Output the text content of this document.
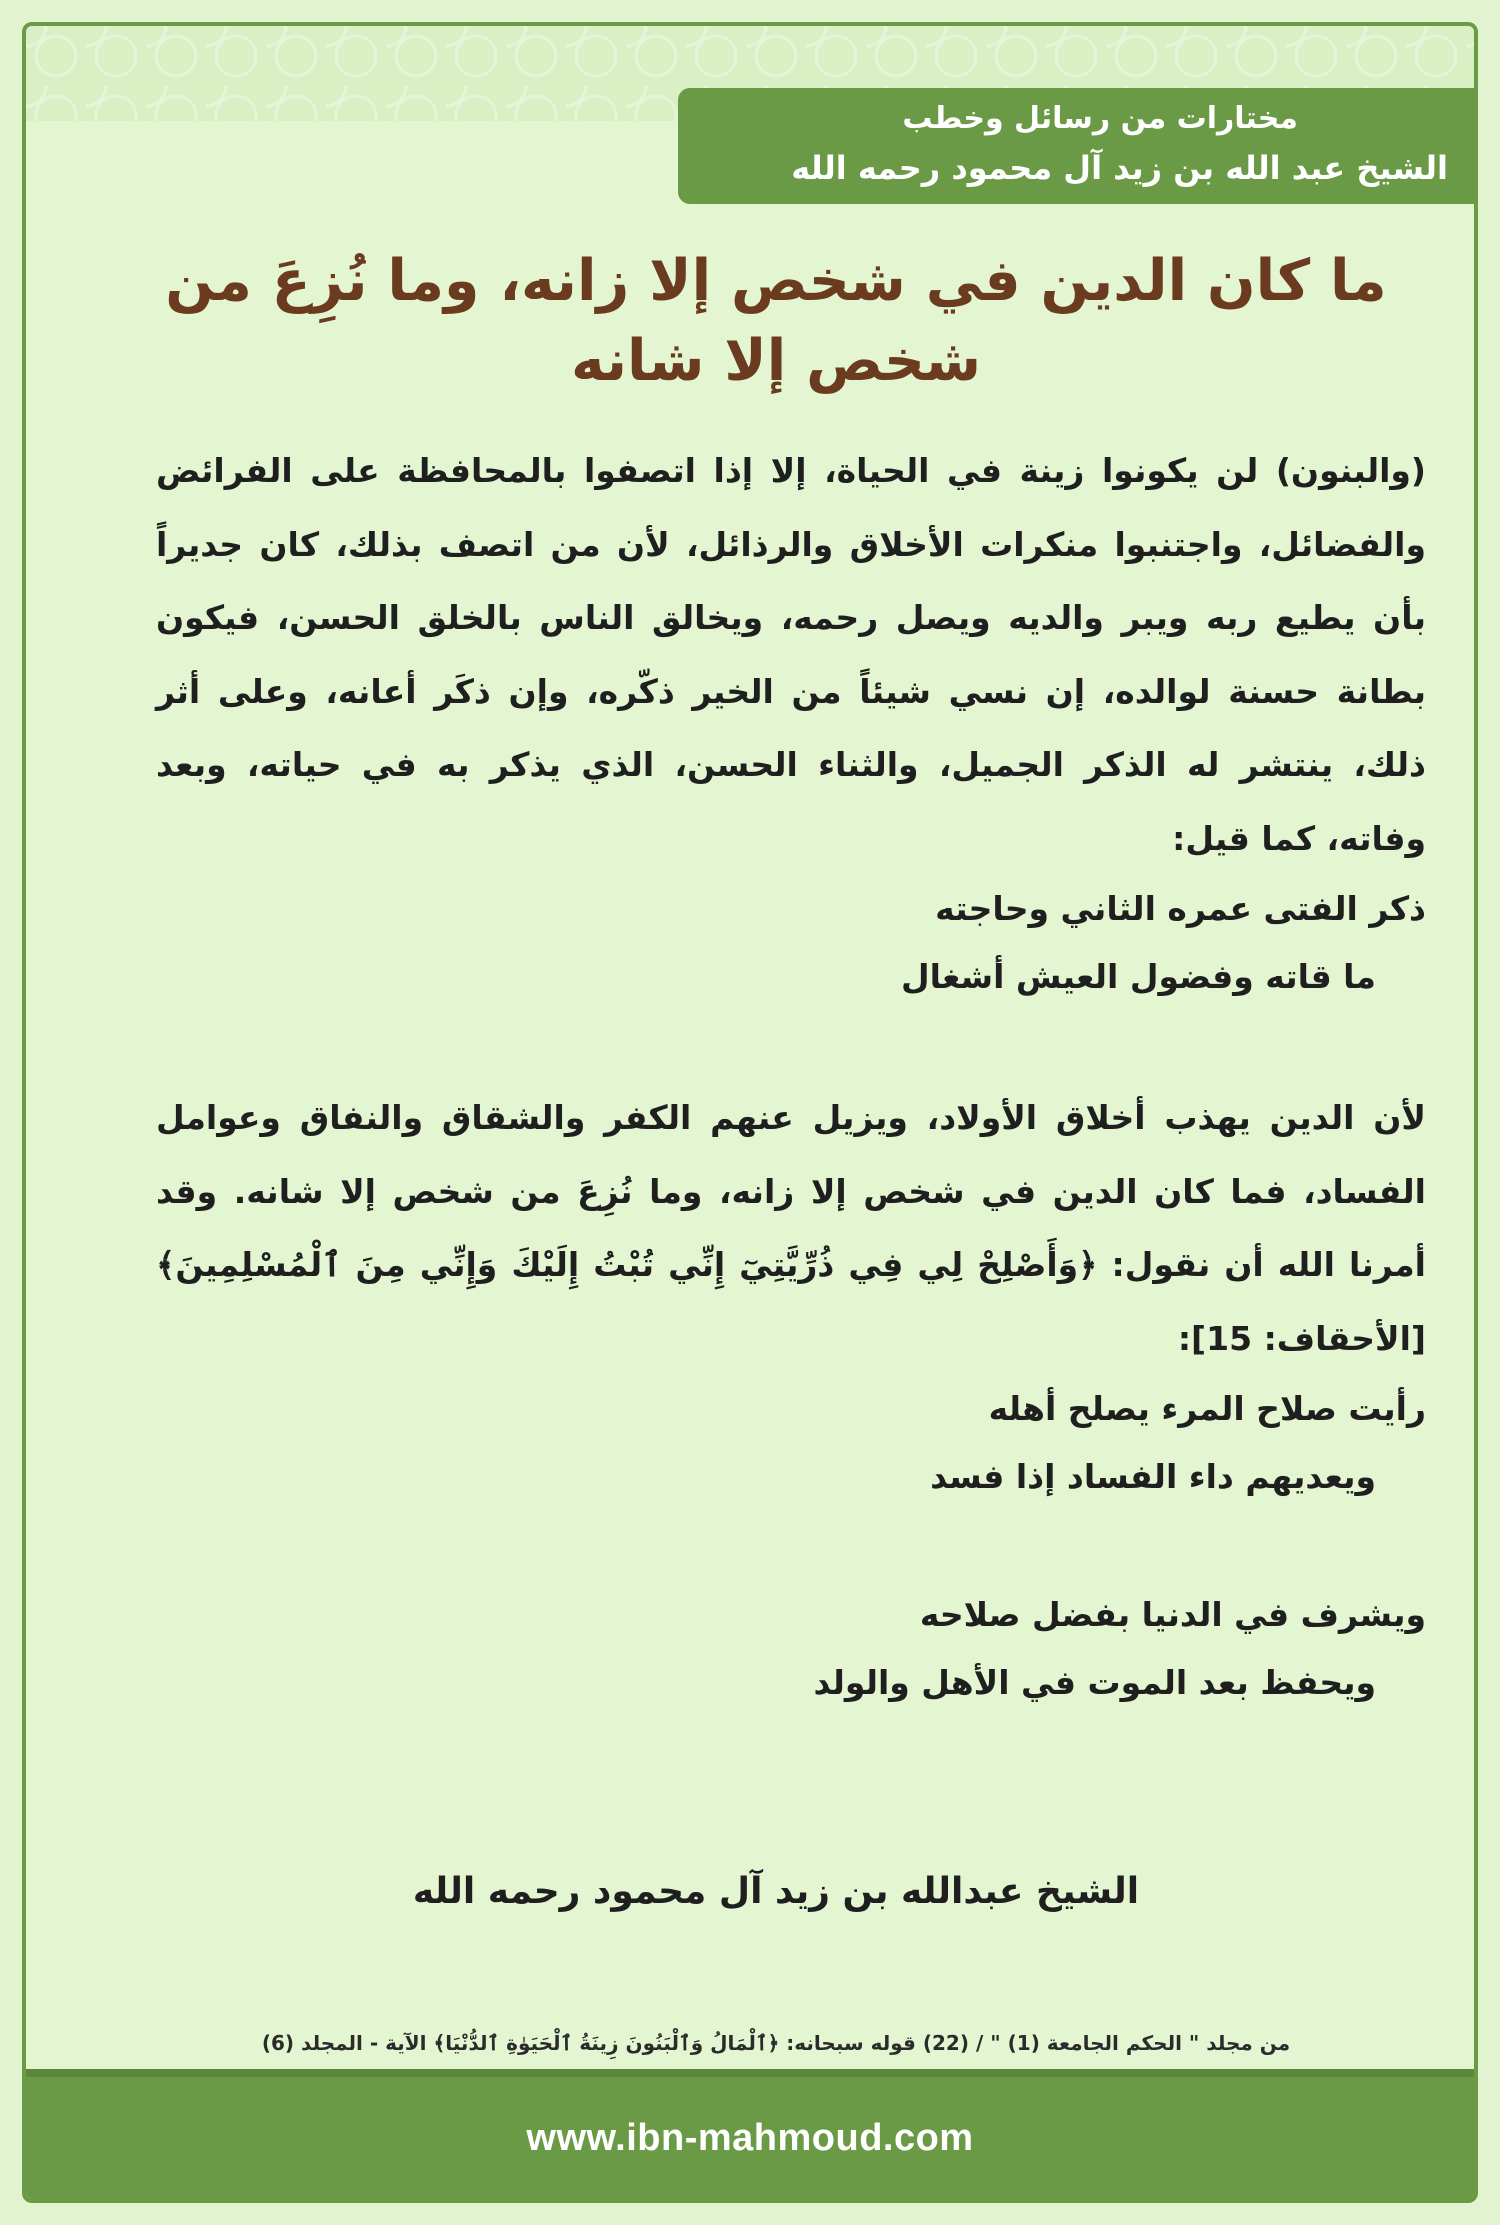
مختارات من رسائل وخطب
الشيخ عبد الله بن زيد آل محمود رحمه الله
ما كان الدين في شخص إلا زانه، وما نُزِعَ من شخص إلا شانه
(والبنون) لن يكونوا زينة في الحياة، إلا إذا اتصفوا بالمحافظة على الفرائض والفضائل، واجتنبوا منكرات الأخلاق والرذائل، لأن من اتصف بذلك، كان جديراً بأن يطيع ربه ويبر والديه ويصل رحمه، ويخالق الناس بالخلق الحسن، فيكون بطانة حسنة لوالده، إن نسي شيئاً من الخير ذكّره، وإن ذكَر أعانه، وعلى أثر ذلك، ينتشر له الذكر الجميل، والثناء الحسن، الذي يذكر به في حياته، وبعد وفاته، كما قيل:
ذكر الفتى عمره الثاني وحاجته
ما قاته وفضول العيش أشغال
لأن الدين يهذب أخلاق الأولاد، ويزيل عنهم الكفر والشقاق والنفاق وعوامل الفساد، فما كان الدين في شخص إلا زانه، وما نُزِعَ من شخص إلا شانه. وقد أمرنا الله أن نقول: ﴿وَأَصْلِحْ لِي فِي ذُرِّيَّتِيٓ إِنِّي تُبْتُ إِلَيْكَ وَإِنِّي مِنَ ٱلْمُسْلِمِينَ﴾ [الأحقاف: 15]:
رأيت صلاح المرء يصلح أهله
ويعديهم داء الفساد إذا فسد
ويشرف في الدنيا بفضل صلاحه
ويحفظ بعد الموت في الأهل والولد
الشيخ عبدالله بن زيد آل محمود رحمه الله
من مجلد " الحكم الجامعة (1) " / (22) قوله سبحانه: ﴿ٱلْمَالُ وَٱلْبَنُونَ زِينَةُ ٱلْحَيَوٰةِ ٱلدُّنْيَا﴾ الآية - المجلد (6)
www.ibn-mahmoud.com
